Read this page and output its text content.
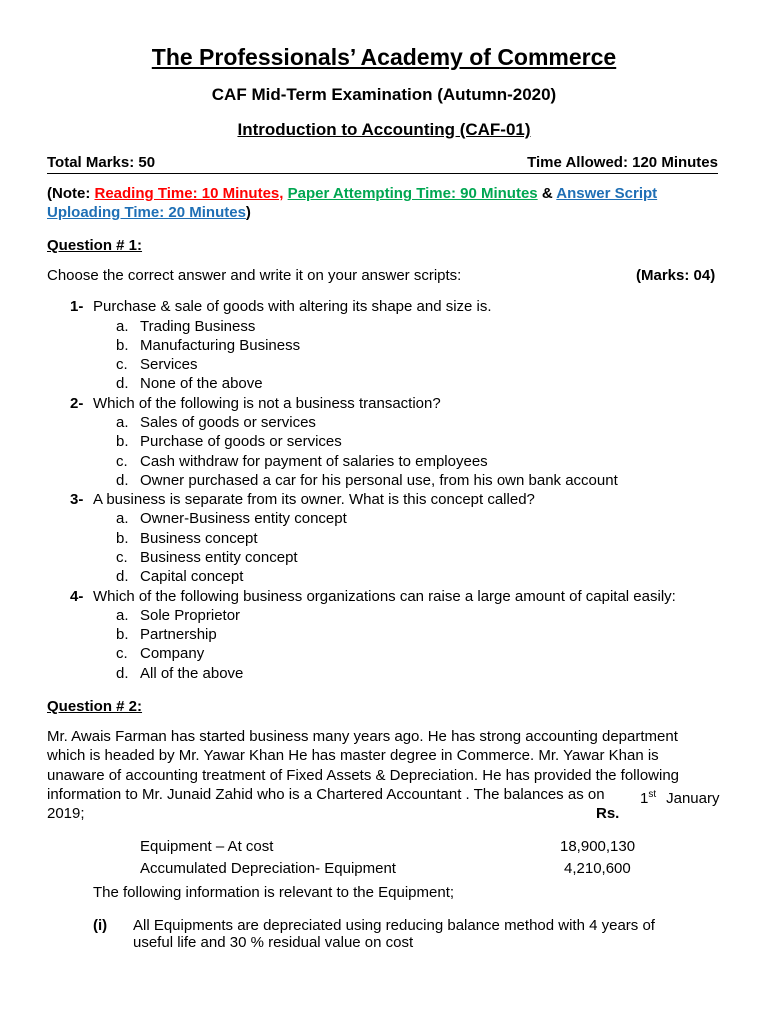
The Professionals’ Academy of Commerce
CAF Mid-Term Examination (Autumn-2020)
Introduction to Accounting (CAF-01)
Total Marks: 50	Time Allowed: 120 Minutes
(Note: Reading Time: 10 Minutes, Paper Attempting Time: 90 Minutes & Answer Script
Uploading Time: 20 Minutes)
Question # 1:
Choose the correct answer and write it on your answer scripts:	(Marks: 04)
1- Purchase & sale of goods with altering its shape and size is.
a. Trading Business
b. Manufacturing Business
c. Services
d. None of the above
2- Which of the following is not a business transaction?
a. Sales of goods or services
b. Purchase of goods or services
c. Cash withdraw for payment of salaries to employees
d. Owner purchased a car for his personal use, from his own bank account
3- A business is separate from its owner. What is this concept called?
a. Owner-Business entity concept
b. Business concept
c. Business entity concept
d. Capital concept
4- Which of the following business organizations can raise a large amount of capital easily:
a. Sole Proprietor
b. Partnership
c. Company
d. All of the above
Question # 2:
Mr. Awais Farman has started business many years ago. He has strong accounting department
which is headed by Mr. Yawar Khan He has master degree in Commerce. Mr. Yawar Khan is
unaware of accounting treatment of Fixed Assets & Depreciation. He has provided the following
information to Mr. Junaid Zahid who is a Chartered Accountant . The balances as on 1st January
2019;	Rs.
Equipment – At cost	18,900,130
Accumulated Depreciation- Equipment	4,210,600
The following information is relevant to the Equipment;
(i) All Equipments are depreciated using reducing balance method with 4 years of
useful life and 30 % residual value on cost
